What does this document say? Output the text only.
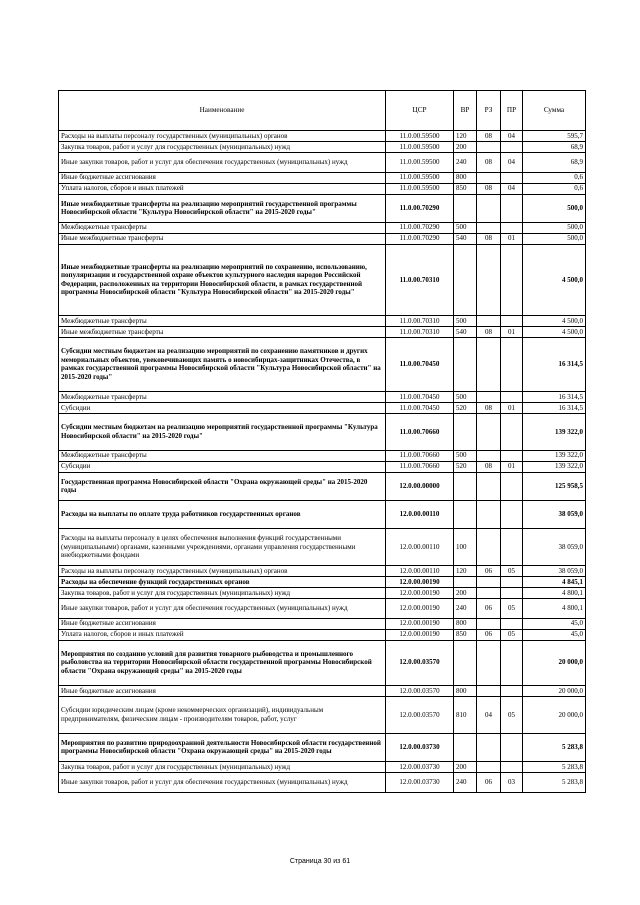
Наименование	ЦСР	ВР	РЗ	ПР	Сумма
Расходы на выплаты персоналу государственных (муниципальных) органов	11.0.00.59500	120	08	04	595,7
Закупка товаров, работ и услуг для государственных (муниципальных) нужд	11.0.00.59500	200			68,9
Иные закупки товаров, работ и услуг для обеспечения государственных (муниципальных) нужд	11.0.00.59500	240	08	04	68,9
Иные бюджетные ассигнования	11.0.00.59500	800			0,6
Уплата налогов, сборов и иных платежей	11.0.00.59500	850	08	04	0,6
Иные межбюджетные трансферты на реализацию мероприятий государственной программы Новосибирской области "Культура Новосибирской области" на 2015-2020 годы"	11.0.00.70290				500,0
Межбюджетные трансферты	11.0.00.70290	500			500,0
Иные межбюджетные трансферты	11.0.00.70290	540	08	01	500,0
Иные межбюджетные трансферты на реализацию мероприятий по сохранению, использованию, популяризации и государственной охране объектов культурного наследия народов Российской Федерации, расположенных на территории Новосибирской области, в рамках государственной программы Новосибирской области "Культура Новосибирской области" на 2015-2020 годы"	11.0.00.70310				4 500,0
Межбюджетные трансферты	11.0.00.70310	500			4 500,0
Иные межбюджетные трансферты	11.0.00.70310	540	08	01	4 500,0
Субсидии местным бюджетам на реализацию мероприятий по сохранению памятников и других мемориальных объектов, увековечивающих память о новосибирцах-защитниках Отечества, в рамках государственной программы Новосибирской области "Культура Новосибирской области" на 2015-2020 годы"	11.0.00.70450				16 314,5
Межбюджетные трансферты	11.0.00.70450	500			16 314,5
Субсидии	11.0.00.70450	520	08	01	16 314,5
Субсидии местным бюджетам на реализацию мероприятий государственной программы "Культура Новосибирской области" на 2015-2020 годы"	11.0.00.70660				139 322,0
Межбюджетные трансферты	11.0.00.70660	500			139 322,0
Субсидии	11.0.00.70660	520	08	01	139 322,0
Государственная программа Новосибирской области "Охрана окружающей среды" на 2015-2020 годы	12.0.00.00000				125 958,5
Расходы на выплаты по оплате труда работников государственных органов	12.0.00.00110				38 059,0
Расходы на выплаты персоналу в целях обеспечения выполнения функций государственными (муниципальными) органами, казенными учреждениями, органами управления государственными внебюджетными фондами	12.0.00.00110	100			38 059,0
Расходы на выплаты персоналу государственных (муниципальных) органов	12.0.00.00110	120	06	05	38 059,0
Расходы на обеспечение функций государственных органов	12.0.00.00190				4 845,1
Закупка товаров, работ и услуг для государственных (муниципальных) нужд	12.0.00.00190	200			4 800,1
Иные закупки товаров, работ и услуг для обеспечения государственных (муниципальных) нужд	12.0.00.00190	240	06	05	4 800,1
Иные бюджетные ассигнования	12.0.00.00190	800			45,0
Уплата налогов, сборов и иных платежей	12.0.00.00190	850	06	05	45,0
Мероприятия по созданию условий для развития товарного рыбоводства и промышленного рыболовства на территории Новосибирской области государственной программы Новосибирской области "Охрана окружающей среды" на 2015-2020 годы	12.0.00.03570				20 000,0
Иные бюджетные ассигнования	12.0.00.03570	800			20 000,0
Субсидии юридическим лицам (кроме некоммерческих организаций), индивидуальным предпринимателям, физическим лицам - производителям товаров, работ, услуг	12.0.00.03570	810	04	05	20 000,0
Мероприятия по развитию природоохранной деятельности Новосибирской области государственной программы Новосибирской области "Охрана окружающей среды" на 2015-2020 годы	12.0.00.03730				5 283,8
Закупка товаров, работ и услуг для государственных (муниципальных) нужд	12.0.00.03730	200			5 283,8
Иные закупки товаров, работ и услуг для обеспечения государственных (муниципальных) нужд	12.0.00.03730	240	06	03	5 283,8
Страница 30 из 61
